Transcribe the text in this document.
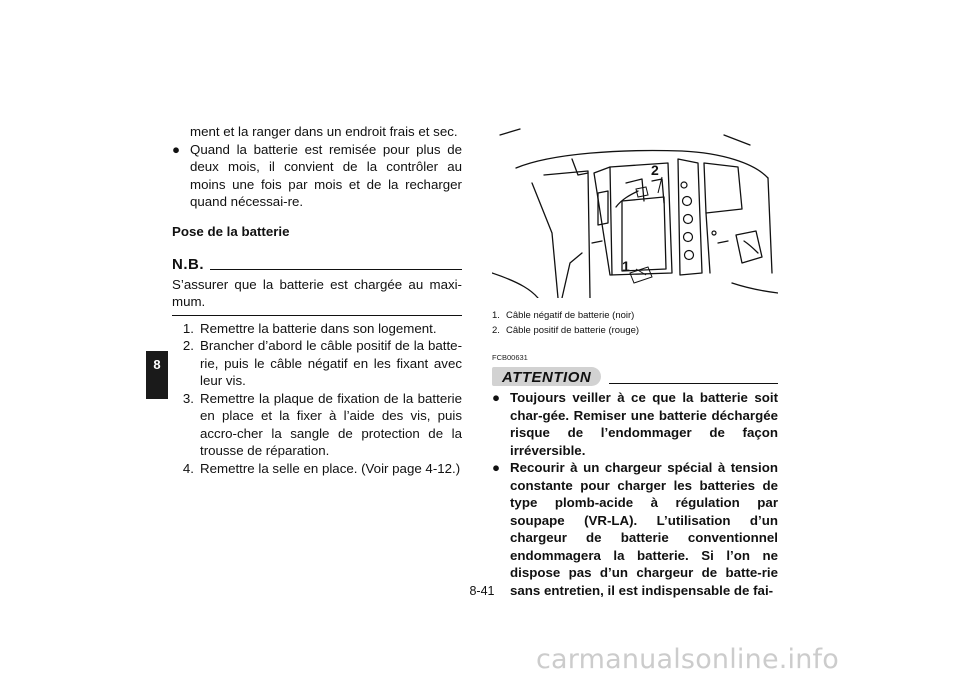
8
ment et la ranger dans un endroit frais et sec.
● Quand la batterie est remisée pour plus de deux mois, il convient de la contrôler au moins une fois par mois et de la recharger quand nécessai-re.
Pose de la batterie
N.B.
S’assurer que la batterie est chargée au maxi-mum.
1. Remettre la batterie dans son logement.
2. Brancher d’abord le câble positif de la batte-rie, puis le câble négatif en les fixant avec leur vis.
3. Remettre la plaque de fixation de la batterie en place et la fixer à l’aide des vis, puis accro-cher la sangle de protection de la trousse de réparation.
4. Remettre la selle en place. (Voir page 4-12.)
2
1
1. Câble négatif de batterie (noir)
2. Câble positif de batterie (rouge)
FCB00631
ATTENTION
● Toujours veiller à ce que la batterie soit char-gée. Remiser une batterie déchargée risque de l’endommager de façon irréversible.
● Recourir à un chargeur spécial à tension constante pour charger les batteries de type plomb-acide à régulation par soupape (VR-LA). L’utilisation d’un chargeur de batterie conventionnel endommagera la batterie. Si l’on ne dispose pas d’un chargeur de batte-rie sans entretien, il est indispensable de fai-
8-41
carmanualsonline.info
